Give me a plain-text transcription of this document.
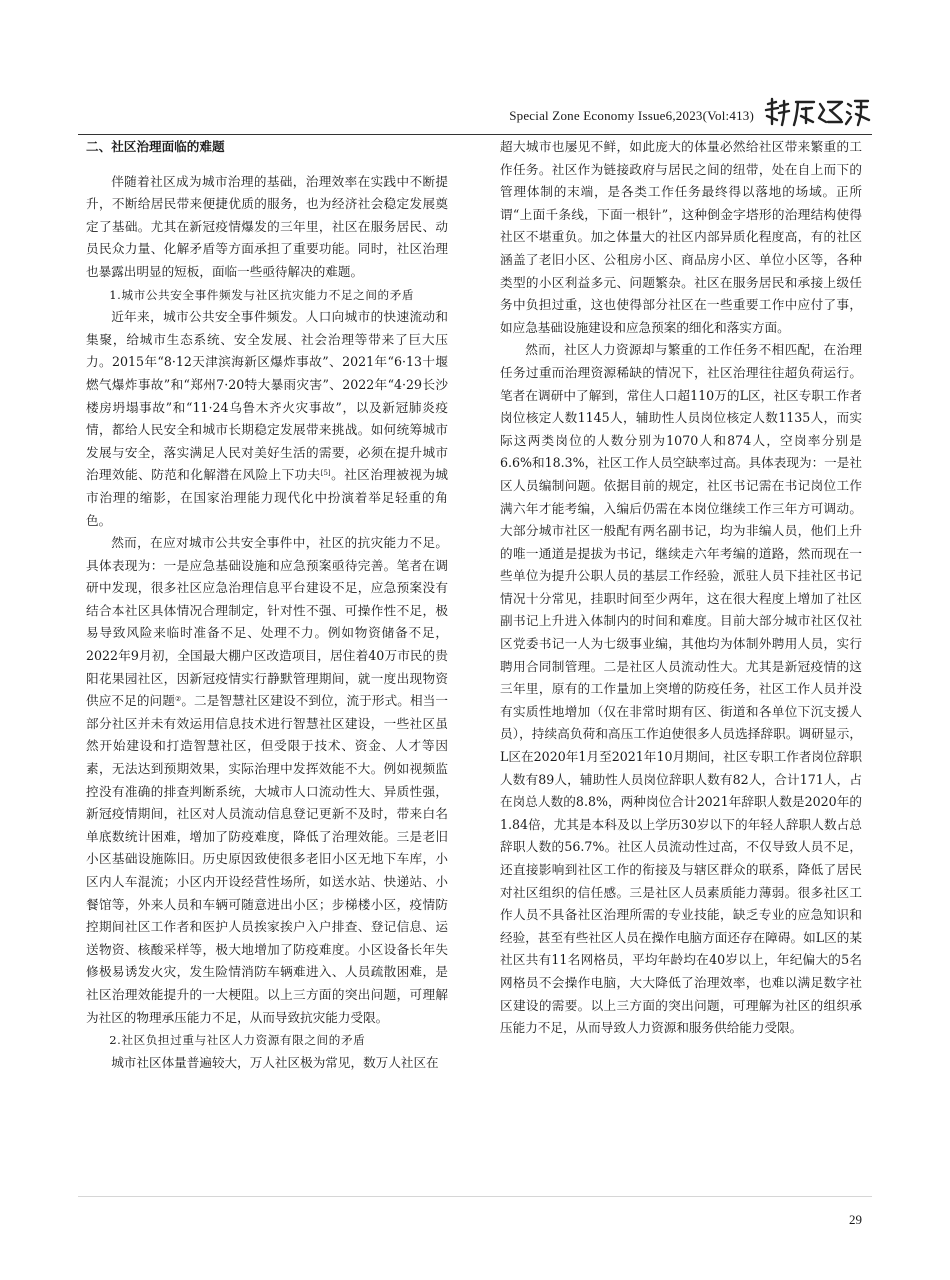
Special Zone Economy Issue6,2023(Vol:413)
二、社区治理面临的难题

伴随着社区成为城市治理的基础，治理效率在实践中不断提升，不断给居民带来便捷优质的服务，也为经济社会稳定发展奠定了基础。尤其在新冠疫情爆发的三年里，社区在服务居民、动员民众力量、化解矛盾等方面承担了重要功能。同时，社区治理也暴露出明显的短板，面临一些亟待解决的难题。

1.城市公共安全事件频发与社区抗灾能力不足之间的矛盾

近年来，城市公共安全事件频发。人口向城市的快速流动和集聚，给城市生态系统、安全发展、社会治理等带来了巨大压力。2015年“8·12天津滨海新区爆炸事故”、2021年“6·13十堰燃气爆炸事故”和“郑州7·20特大暴雨灾害”、2022年“4·29长沙楼房坍塌事故”和“11·24乌鲁木齐火灾事故”，以及新冠肺炎疫情，都给人民安全和城市长期稳定发展带来挑战。如何统筹城市发展与安全，落实满足人民对美好生活的需要，必须在提升城市治理效能、防范和化解潜在风险上下功夫[5]。社区治理被视为城市治理的缩影，在国家治理能力现代化中扮演着举足轻重的角色。

然而，在应对城市公共安全事件中，社区的抗灾能力不足。具体表现为：一是应急基础设施和应急预案亟待完善。笔者在调研中发现，很多社区应急治理信息平台建设不足，应急预案没有结合本社区具体情况合理制定，针对性不强、可操作性不足，极易导致风险来临时准备不足、处理不力。例如物资储备不足，2022年9月初，全国最大棚户区改造项目，居住着40万市民的贵阳花果园社区，因新冠疫情实行静默管理期间，就一度出现物资供应不足的问题②。二是智慧社区建设不到位，流于形式。相当一部分社区并未有效运用信息技术进行智慧社区建设，一些社区虽然开始建设和打造智慧社区，但受限于技术、资金、人才等因素，无法达到预期效果，实际治理中发挥效能不大。例如视频监控没有准确的排查判断系统，大城市人口流动性大、异质性强，新冠疫情期间，社区对人员流动信息登记更新不及时，带来白名单底数统计困难，增加了防疫难度，降低了治理效能。三是老旧小区基础设施陈旧。历史原因致使很多老旧小区无地下车库，小区内人车混流；小区内开设经营性场所，如送水站、快递站、小餐馆等，外来人员和车辆可随意进出小区；步梯楼小区，疫情防控期间社区工作者和医护人员挨家挨户入户排查、登记信息、运送物资、核酸采样等，极大地增加了防疫难度。小区设备长年失修极易诱发火灾，发生险情消防车辆难进入、人员疏散困难，是社区治理效能提升的一大梗阻。以上三方面的突出问题，可理解为社区的物理承压能力不足，从而导致抗灾能力受限。

2.社区负担过重与社区人力资源有限之间的矛盾

城市社区体量普遍较大，万人社区极为常见，数万人社区在

超大城市也屡见不鲜，如此庞大的体量必然给社区带来繁重的工作任务。社区作为链接政府与居民之间的纽带，处在自上而下的管理体制的末端，是各类工作任务最终得以落地的场域。正所谓“上面千条线，下面一根针”，这种倒金字塔形的治理结构使得社区不堪重负。加之体量大的社区内部异质化程度高，有的社区涵盖了老旧小区、公租房小区、商品房小区、单位小区等，各种类型的小区利益多元、问题繁杂。社区在服务居民和承接上级任务中负担过重，这也使得部分社区在一些重要工作中应付了事，如应急基础设施建设和应急预案的细化和落实方面。

然而，社区人力资源却与繁重的工作任务不相匹配，在治理任务过重而治理资源稀缺的情况下，社区治理往往超负荷运行。笔者在调研中了解到，常住人口超110万的L区，社区专职工作者岗位核定人数1145人，辅助性人员岗位核定人数1135人，而实际这两类岗位的人数分别为1070人和874人，空岗率分别是6.6%和18.3%，社区工作人员空缺率过高。具体表现为：一是社区人员编制问题。依据目前的规定，社区书记需在书记岗位工作满六年才能考编，入编后仍需在本岗位继续工作三年方可调动。大部分城市社区一般配有两名副书记，均为非编人员，他们上升的唯一通道是提拔为书记，继续走六年考编的道路，然而现在一些单位为提升公职人员的基层工作经验，派驻人员下挂社区书记情况十分常见，挂职时间至少两年，这在很大程度上增加了社区副书记上升进入体制内的时间和难度。目前大部分城市社区仅社区党委书记一人为七级事业编，其他均为体制外聘用人员，实行聘用合同制管理。二是社区人员流动性大。尤其是新冠疫情的这三年里，原有的工作量加上突增的防疫任务，社区工作人员并没有实质性地增加（仅在非常时期有区、街道和各单位下沉支援人员），持续高负荷和高压工作迫使很多人员选择辞职。调研显示，L区在2020年1月至2021年10月期间，社区专职工作者岗位辞职人数有89人，辅助性人员岗位辞职人数有82人，合计171人，占在岗总人数的8.8%，两种岗位合计2021年辞职人数是2020年的1.84倍，尤其是本科及以上学历30岁以下的年轻人辞职人数占总辞职人数的56.7%。社区人员流动性过高，不仅导致人员不足，还直接影响到社区工作的衔接及与辖区群众的联系，降低了居民对社区组织的信任感。三是社区人员素质能力薄弱。很多社区工作人员不具备社区治理所需的专业技能，缺乏专业的应急知识和经验，甚至有些社区人员在操作电脑方面还存在障碍。如L区的某社区共有11名网格员，平均年龄均在40岁以上，年纪偏大的5名网格员不会操作电脑，大大降低了治理效率，也难以满足数字社区建设的需要。以上三方面的突出问题，可理解为社区的组织承压能力不足，从而导致人力资源和服务供给能力受限。

29
